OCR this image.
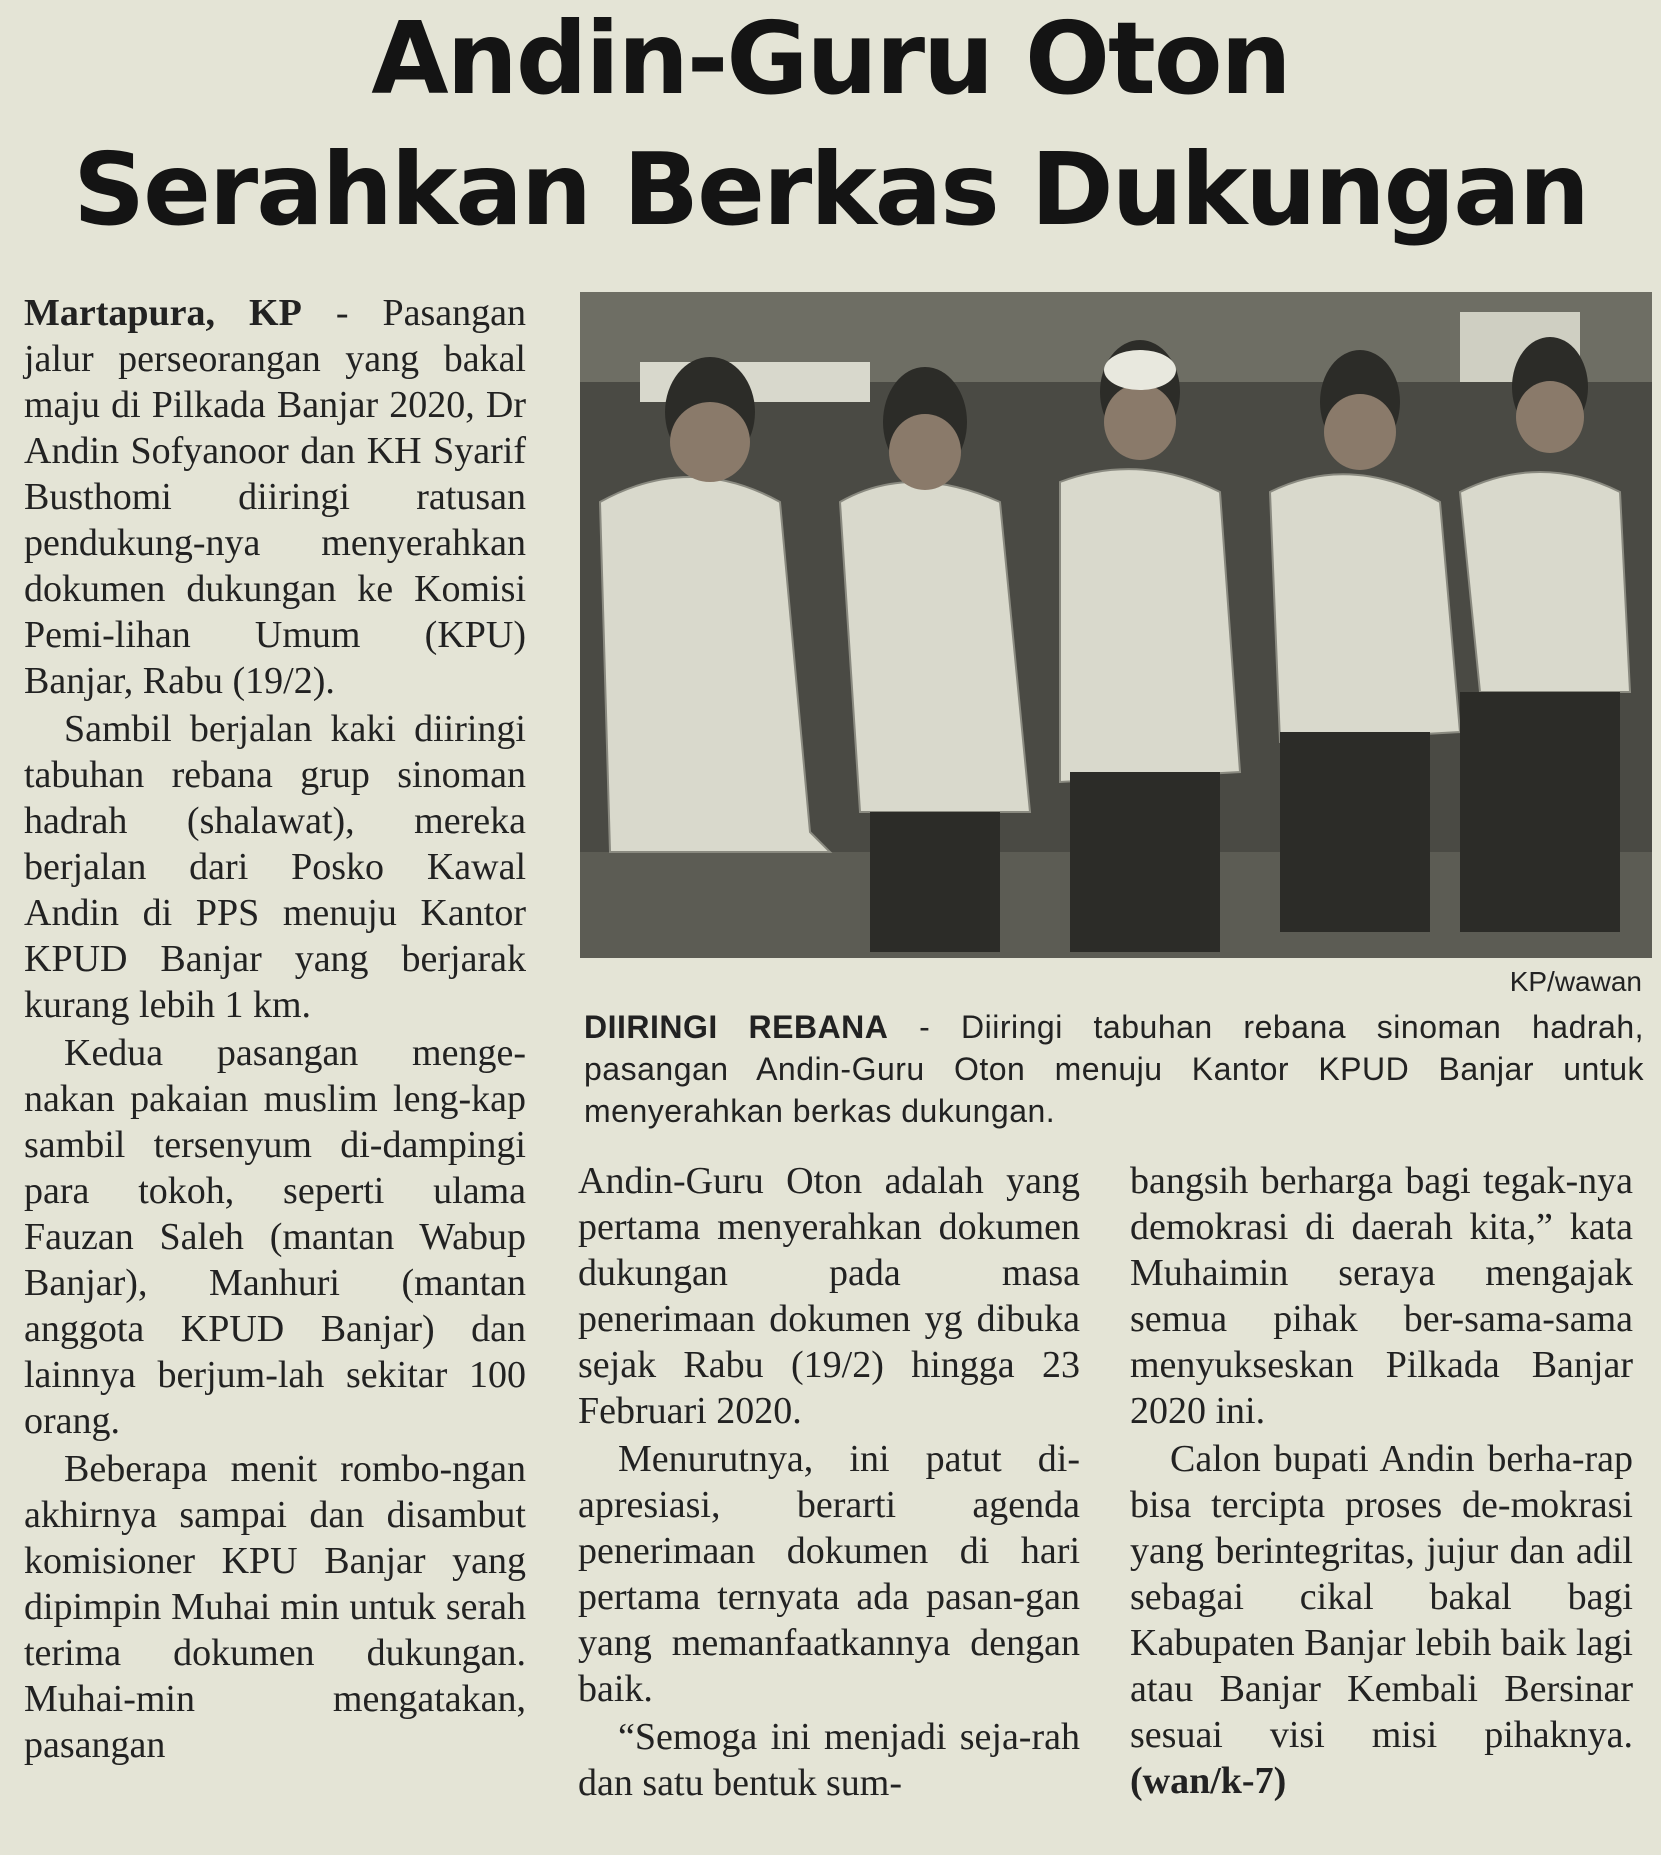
Andin-Guru Oton
Serahkan Berkas Dukungan

Martapura, KP - Pasangan jalur perseorangan yang bakal maju di Pilkada Banjar 2020, Dr Andin Sofyanoor dan KH Syarif Busthomi diiringi ratusan pendukung-nya menyerahkan dokumen dukungan ke Komisi Pemi-lihan Umum (KPU) Banjar, Rabu (19/2).

Sambil berjalan kaki diiringi tabuhan rebana grup sinoman hadrah (shalawat), mereka berjalan dari Posko Kawal Andin di PPS menuju Kantor KPUD Banjar yang berjarak kurang lebih 1 km.

Kedua pasangan menge-nakan pakaian muslim leng-kap sambil tersenyum di-dampingi para tokoh, seperti ulama Fauzan Saleh (mantan Wabup Banjar), Manhuri (mantan anggota KPUD Banjar) dan lainnya berjum-lah sekitar 100 orang.

Beberapa menit rombo-ngan akhirnya sampai dan disambut komisioner KPU Banjar yang dipimpin Muhai min untuk serah terima dokumen dukungan. Muhai-min mengatakan, pasangan

KP/wawan
DIIRINGI REBANA - Diiringi tabuhan rebana sinoman hadrah, pasangan Andin-Guru Oton menuju Kantor KPUD Banjar untuk menyerahkan berkas dukungan.

Andin-Guru Oton adalah yang pertama menyerahkan dokumen dukungan pada masa penerimaan dokumen yg dibuka sejak Rabu (19/2) hingga 23 Februari 2020.

Menurutnya, ini patut di-apresiasi, berarti agenda penerimaan dokumen di hari pertama ternyata ada pasan-gan yang memanfaatkannya dengan baik.

“Semoga ini menjadi seja-rah dan satu bentuk sum-

bangsih berharga bagi tegak-nya demokrasi di daerah kita,” kata Muhaimin seraya mengajak semua pihak ber-sama-sama menyukseskan Pilkada Banjar 2020 ini.

Calon bupati Andin berha-rap bisa tercipta proses de-mokrasi yang berintegritas, jujur dan adil sebagai cikal bakal bagi Kabupaten Banjar lebih baik lagi atau Banjar Kembali Bersinar sesuai visi misi pihaknya. (wan/k-7)
